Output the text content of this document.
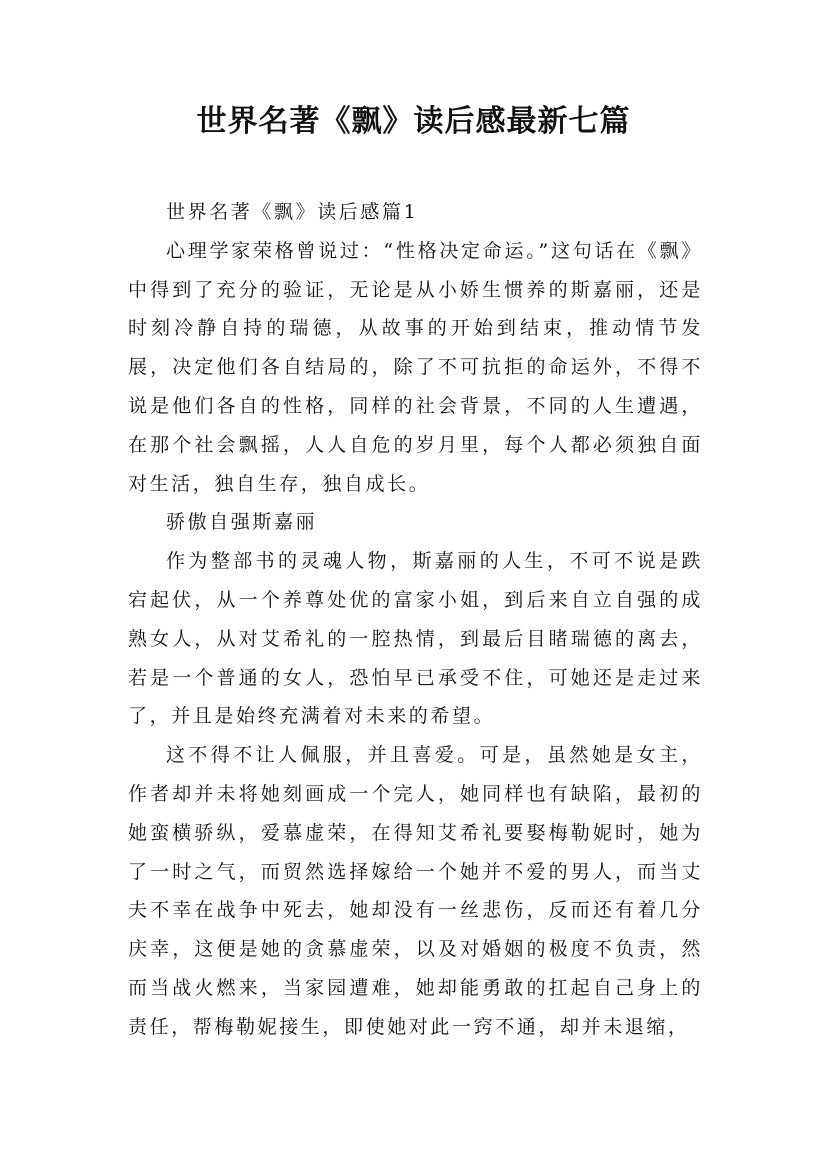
世界名著《飘》读后感最新七篇

世界名著《飘》读后感篇1

心理学家荣格曾说过：“性格决定命运。”这句话在《飘》中得到了充分的验证，无论是从小娇生惯养的斯嘉丽，还是时刻冷静自持的瑞德，从故事的开始到结束，推动情节发展，决定他们各自结局的，除了不可抗拒的命运外，不得不说是他们各自的性格，同样的社会背景，不同的人生遭遇，在那个社会飘摇，人人自危的岁月里，每个人都必须独自面对生活，独自生存，独自成长。

骄傲自强斯嘉丽

作为整部书的灵魂人物，斯嘉丽的人生，不可不说是跌宕起伏，从一个养尊处优的富家小姐，到后来自立自强的成熟女人，从对艾希礼的一腔热情，到最后目睹瑞德的离去，若是一个普通的女人，恐怕早已承受不住，可她还是走过来了，并且是始终充满着对未来的希望。

这不得不让人佩服，并且喜爱。可是，虽然她是女主，作者却并未将她刻画成一个完人，她同样也有缺陷，最初的她蛮横骄纵，爱慕虚荣，在得知艾希礼要娶梅勒妮时，她为了一时之气，而贸然选择嫁给一个她并不爱的男人，而当丈夫不幸在战争中死去，她却没有一丝悲伤，反而还有着几分庆幸，这便是她的贪慕虚荣，以及对婚姻的极度不负责，然而当战火燃来，当家园遭难，她却能勇敢的扛起自己身上的责任，帮梅勒妮接生，即使她对此一窍不通，却并未退缩，
